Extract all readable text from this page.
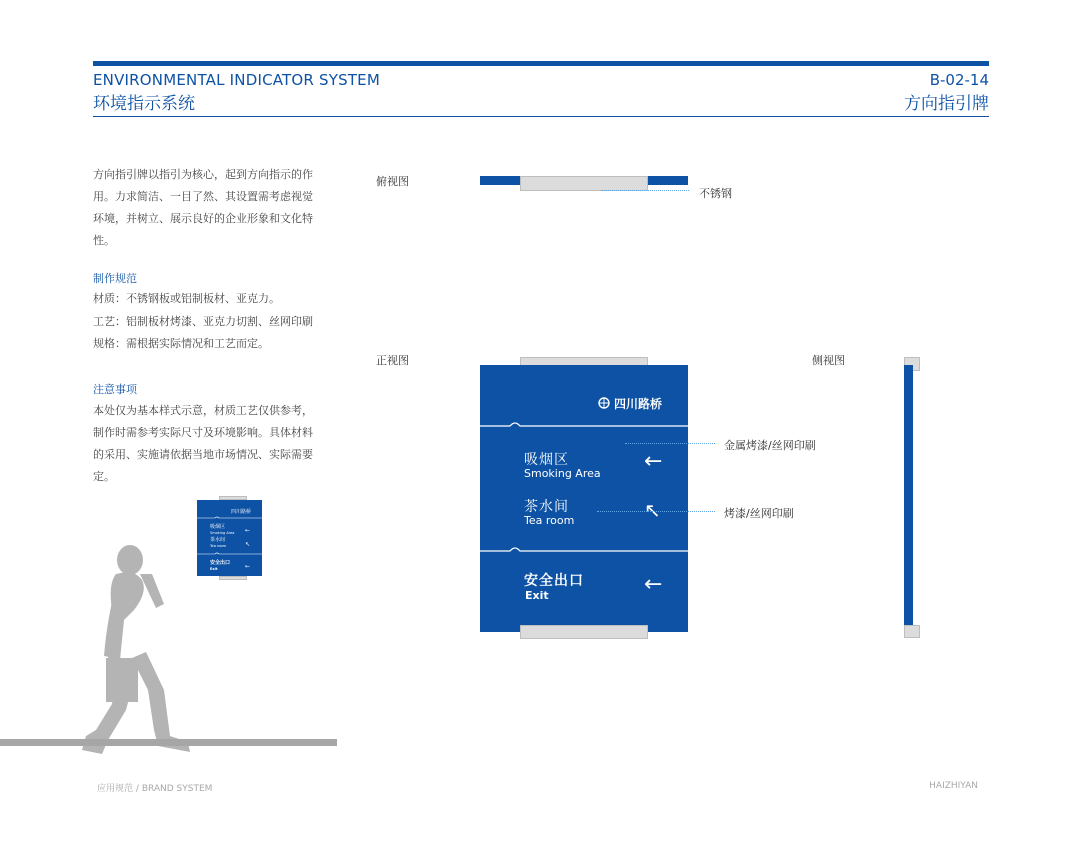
ENVIRONMENTAL INDICATOR SYSTEM
环境指示系统
B-02-14
方向指引牌
方向指引牌以指引为核心，起到方向指示的作
用。力求简洁、一目了然、其设置需考虑视觉
环境，并树立、展示良好的企业形象和文化特
性。
制作规范
材质：不锈钢板或铝制板材、亚克力。
工艺：铝制板材烤漆、亚克力切割、丝网印刷
规格：需根据实际情况和工艺而定。
注意事项
本处仅为基本样式示意，材质工艺仅供参考，
制作时需参考实际尺寸及环境影响。具体材料
的采用、实施请依据当地市场情况、实际需要
定。
四川路桥
吸烟区
Smoking Area ←
茶水间
Tea room	↖
安全出口
Exit	←
俯视图
不锈钢
正视图
四川路桥
吸烟区
Smoking Area ←
茶水间
Tea room	↖
安全出口
Exit	←
金属烤漆/丝网印刷
烤漆/丝网印刷
侧视图
应用规范 / BRAND SYSTEM	HAIZHIYAN
